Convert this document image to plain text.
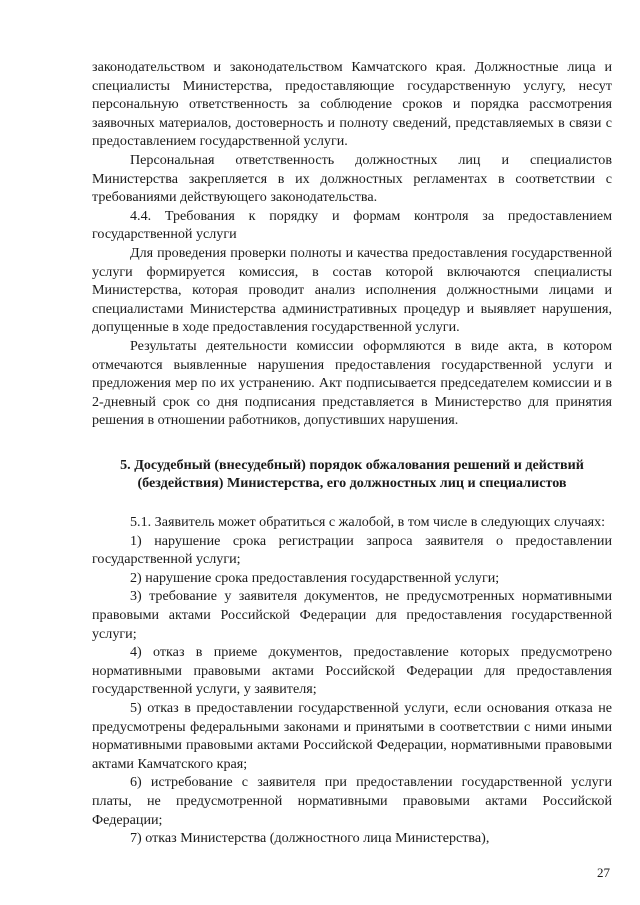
законодательством и законодательством Камчатского края. Должностные лица и специалисты Министерства, предоставляющие государственную услугу, несут персональную ответственность за соблюдение сроков и порядка рассмотрения заявочных материалов, достоверность и полноту сведений, представляемых в связи с предоставлением государственной услуги.

Персональная ответственность должностных лиц и специалистов Министерства закрепляется в их должностных регламентах в соответствии с требованиями действующего законодательства.

4.4. Требования к порядку и формам контроля за предоставлением государственной услуги

Для проведения проверки полноты и качества предоставления государственной услуги формируется комиссия, в состав которой включаются специалисты Министерства, которая проводит анализ исполнения должностными лицами и специалистами Министерства административных процедур и выявляет нарушения, допущенные в ходе предоставления государственной услуги.

Результаты деятельности комиссии оформляются в виде акта, в котором отмечаются выявленные нарушения предоставления государственной услуги и предложения мер по их устранению. Акт подписывается председателем комиссии и в 2-дневный срок со дня подписания представляется в Министерство для принятия решения в отношении работников, допустивших нарушения.

5. Досудебный (внесудебный) порядок обжалования решений и действий (бездействия) Министерства, его должностных лиц и специалистов

5.1. Заявитель может обратиться с жалобой, в том числе в следующих случаях:

1) нарушение срока регистрации запроса заявителя о предоставлении государственной услуги;

2) нарушение срока предоставления государственной услуги;

3) требование у заявителя документов, не предусмотренных нормативными правовыми актами Российской Федерации для предоставления государственной услуги;

4) отказ в приеме документов, предоставление которых предусмотрено нормативными правовыми актами Российской Федерации для предоставления государственной услуги, у заявителя;

5) отказ в предоставлении государственной услуги, если основания отказа не предусмотрены федеральными законами и принятыми в соответствии с ними иными нормативными правовыми актами Российской Федерации, нормативными правовыми актами Камчатского края;

6) истребование с заявителя при предоставлении государственной услуги платы, не предусмотренной нормативными правовыми актами Российской Федерации;

7) отказ Министерства (должностного лица Министерства),

27
